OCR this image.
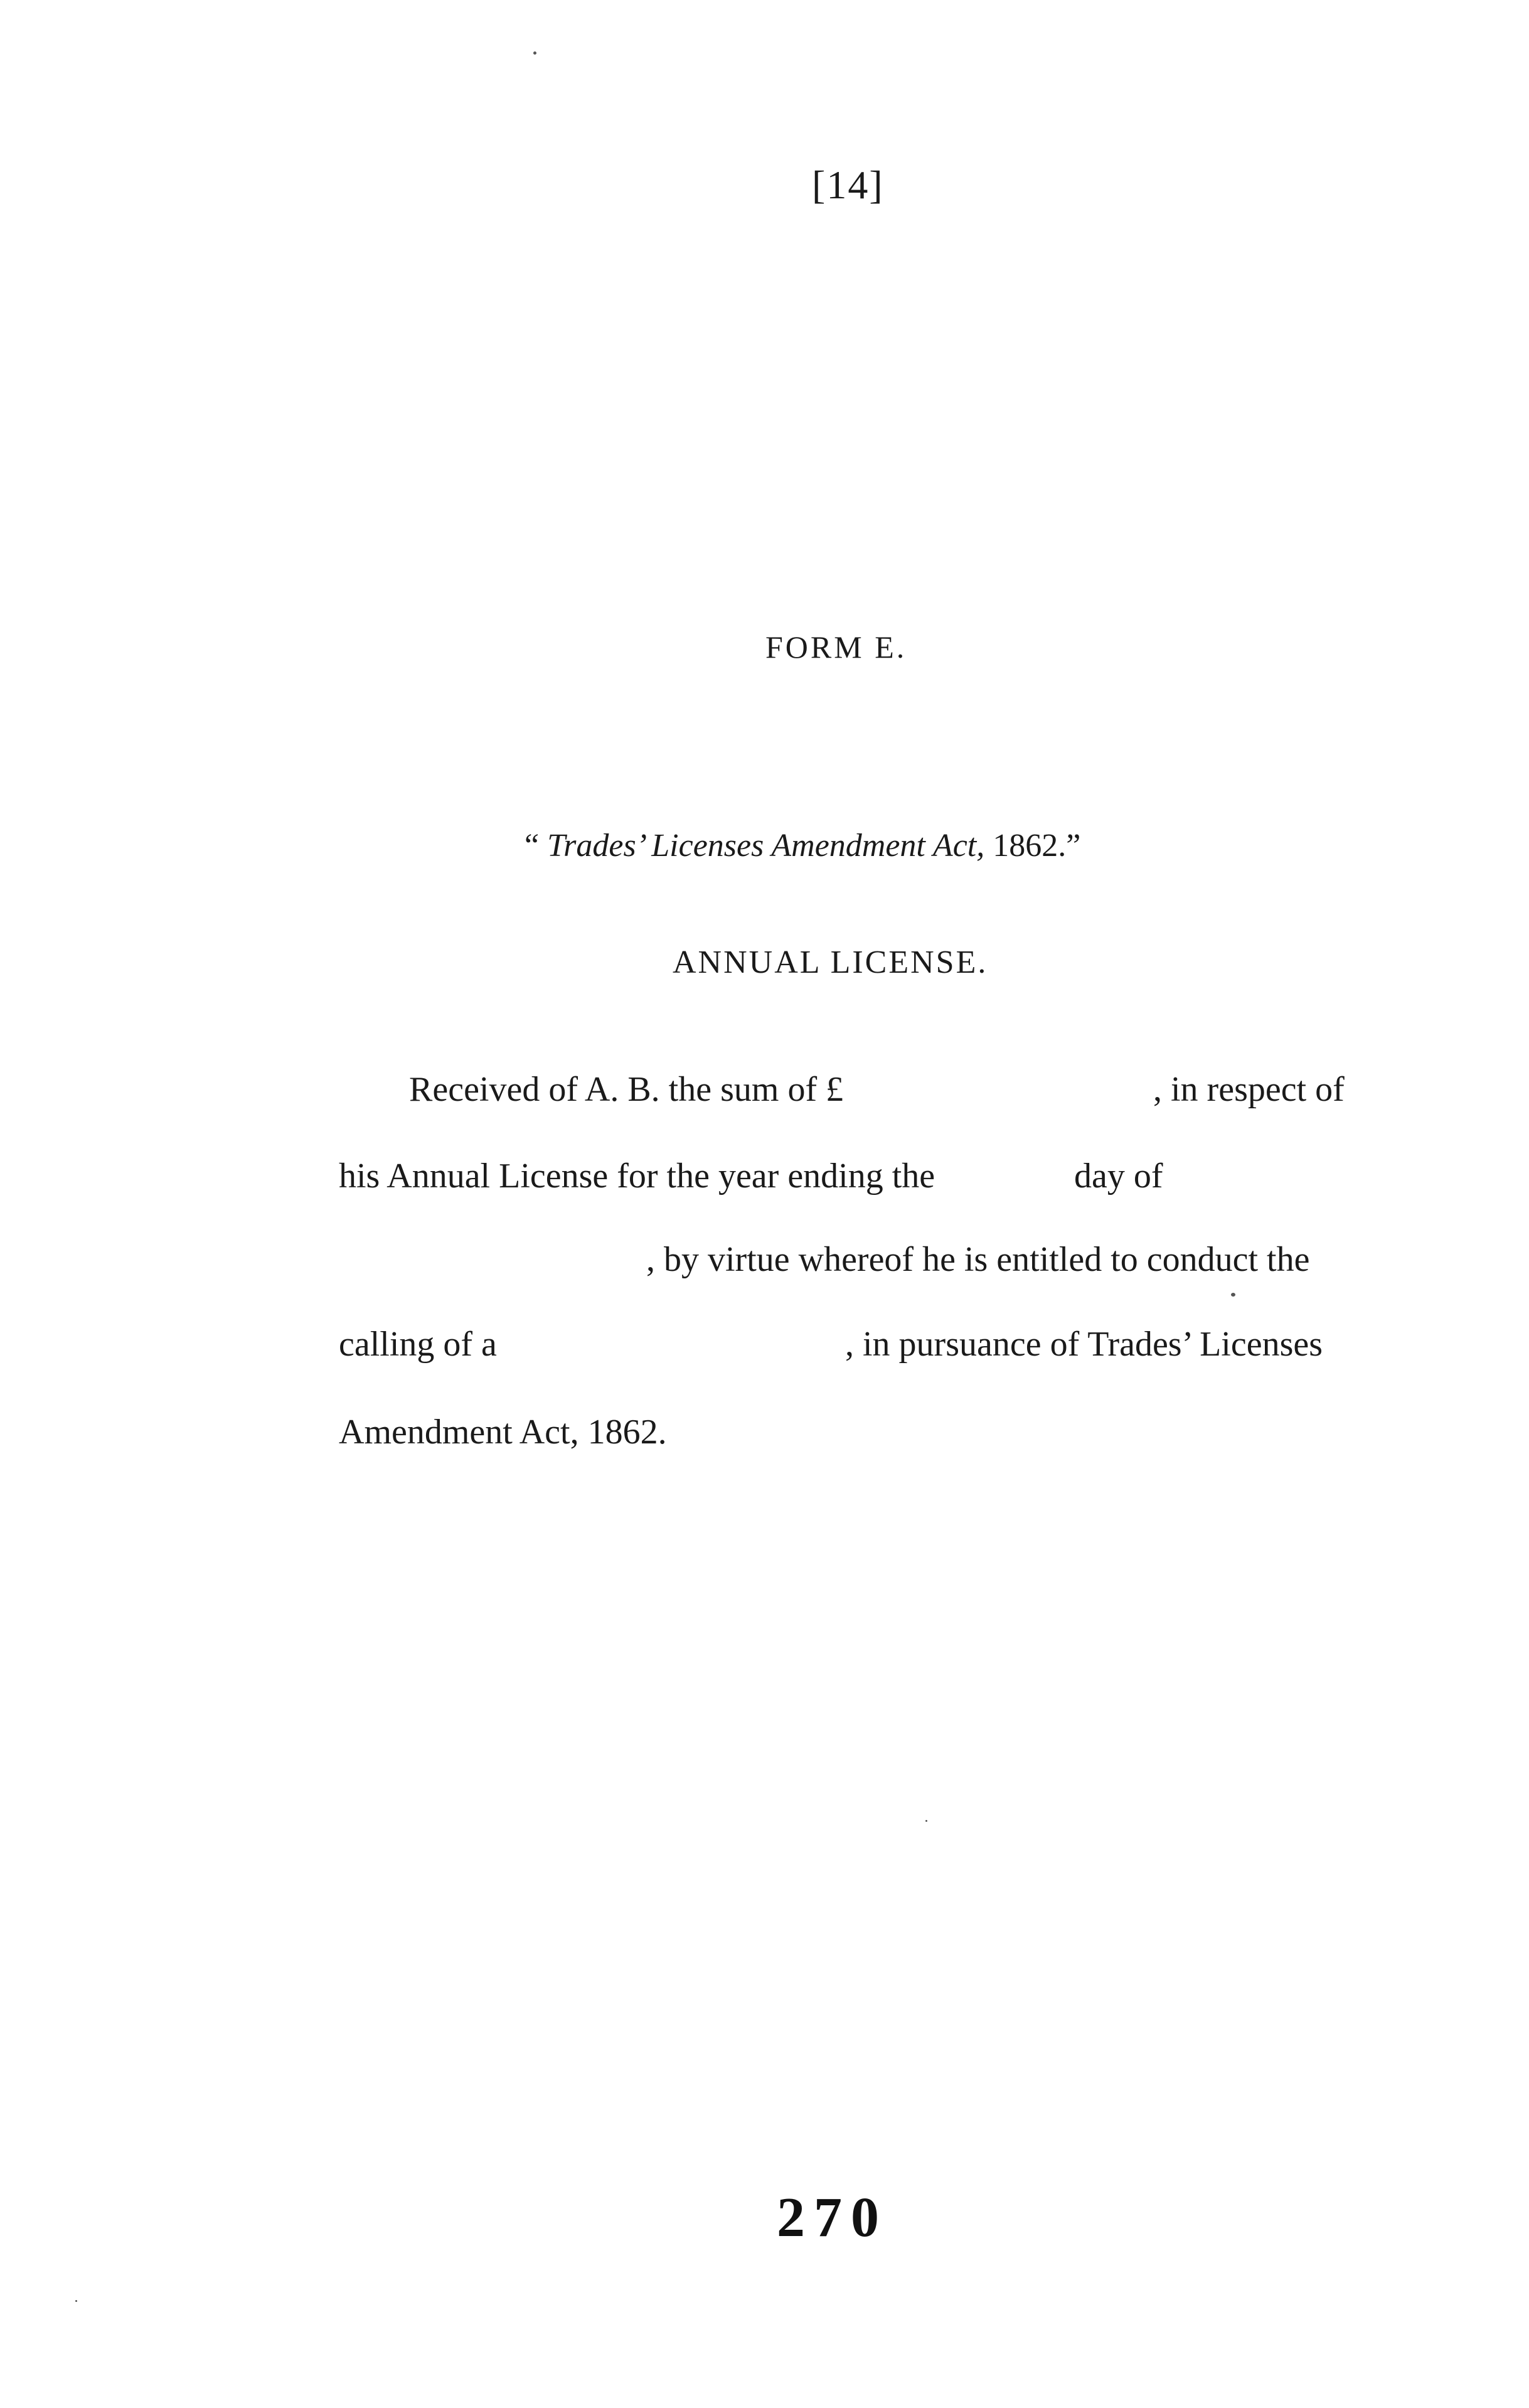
[14]
FORM E.
“ Trades’ Licenses Amendment Act, 1862.”
ANNUAL LICENSE.
Received of A. B. the sum of £	, in respect of
his Annual License for the year ending the	day of
, by virtue whereof he is entitled to conduct the
calling of a	, in pursuance of Trades’ Licenses
Amendment Act, 1862.
270
